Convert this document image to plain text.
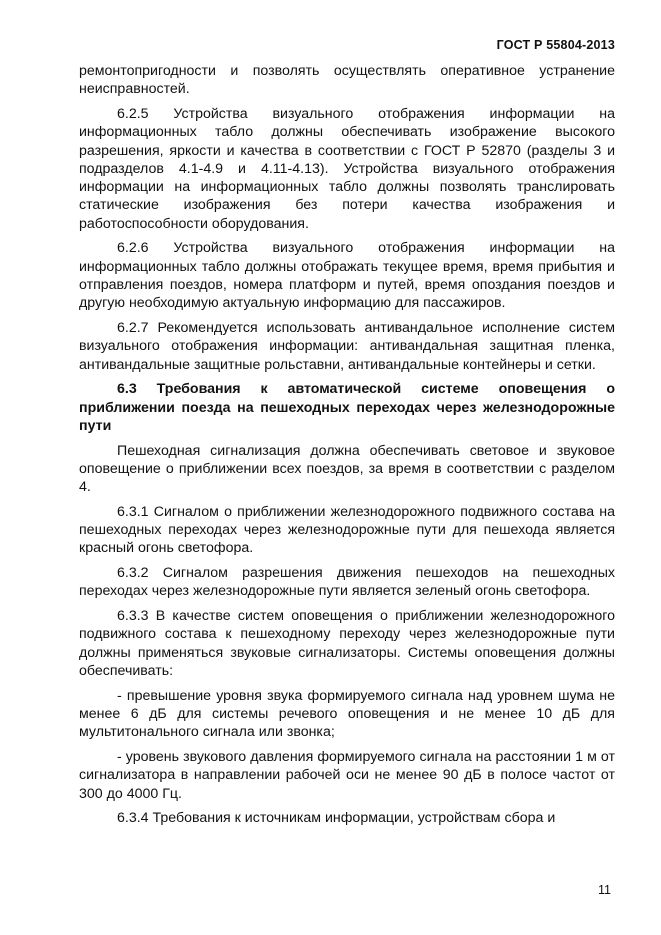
ГОСТ Р 55804-2013

ремонтопригодности и позволять осуществлять оперативное устранение неисправностей.

6.2.5 Устройства визуального отображения информации на информационных табло должны обеспечивать изображение высокого разрешения, яркости и качества в соответствии с ГОСТ Р 52870 (разделы 3 и подразделов 4.1-4.9 и 4.11-4.13). Устройства визуального отображения информации на информационных табло должны позволять транслировать статические изображения без потери качества изображения и работоспособности оборудования.

6.2.6 Устройства визуального отображения информации на информационных табло должны отображать текущее время, время прибытия и отправления поездов, номера платформ и путей, время опоздания поездов и другую необходимую актуальную информацию для пассажиров.

6.2.7 Рекомендуется использовать антивандальное исполнение систем визуального отображения информации: антивандальная защитная пленка, антивандальные защитные рольставни, антивандальные контейнеры и сетки.

6.3 Требования к автоматической системе оповещения о приближении поезда на пешеходных переходах через железнодорожные пути

Пешеходная сигнализация должна обеспечивать световое и звуковое оповещение о приближении всех поездов, за время в соответствии с разделом 4.

6.3.1 Сигналом о приближении железнодорожного подвижного состава на пешеходных переходах через железнодорожные пути для пешехода является красный огонь светофора.

6.3.2 Сигналом разрешения движения пешеходов на пешеходных переходах через железнодорожные пути является зеленый огонь светофора.

6.3.3 В качестве систем оповещения о приближении железнодорожного подвижного состава к пешеходному переходу через железнодорожные пути должны применяться звуковые сигнализаторы. Системы оповещения должны обеспечивать:

- превышение уровня звука формируемого сигнала над уровнем шума не менее 6 дБ для системы речевого оповещения и не менее 10 дБ для мультитонального сигнала или звонка;

- уровень звукового давления формируемого сигнала на расстоянии 1 м от сигнализатора в направлении рабочей оси не менее 90 дБ в полосе частот от 300 до 4000 Гц.

6.3.4 Требования к источникам информации, устройствам сбора и

11
